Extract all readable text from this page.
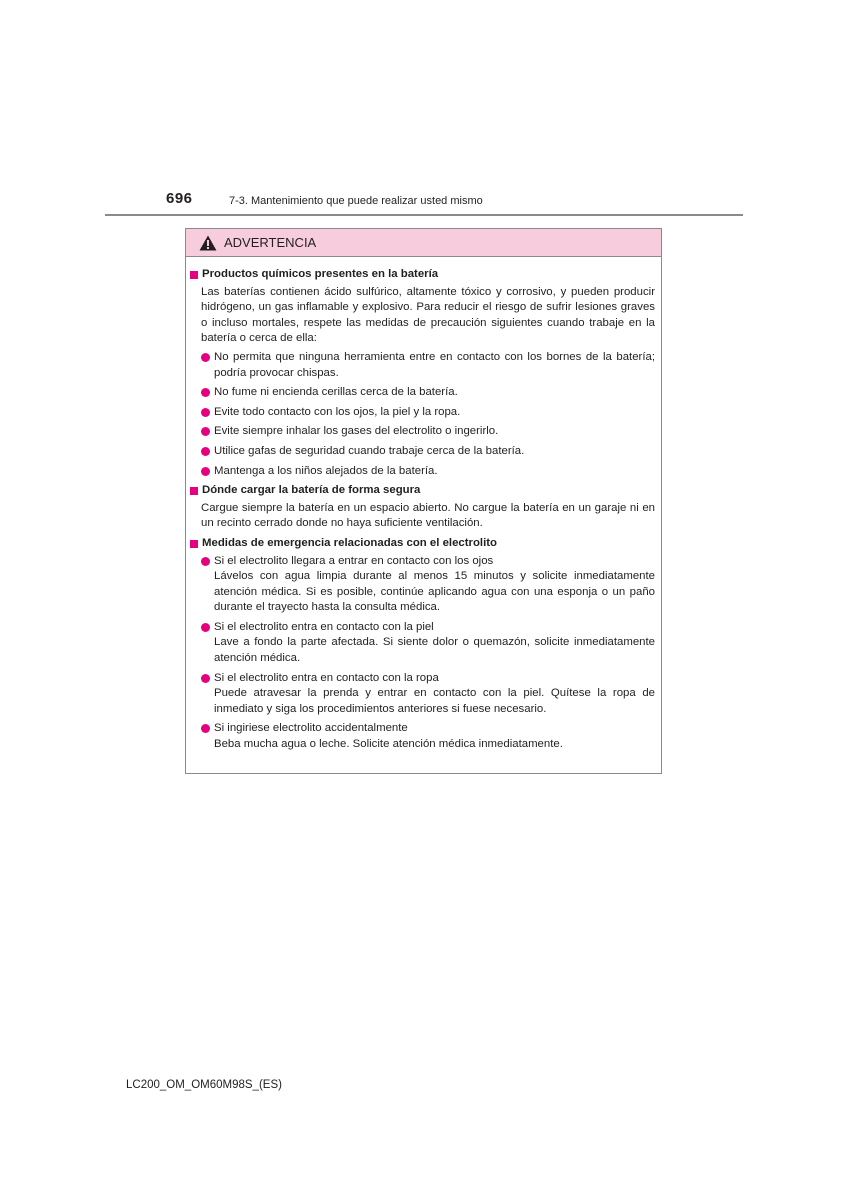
696	7-3. Mantenimiento que puede realizar usted mismo
ADVERTENCIA
Productos químicos presentes en la batería
Las baterías contienen ácido sulfúrico, altamente tóxico y corrosivo, y pueden producir hidrógeno, un gas inflamable y explosivo. Para reducir el riesgo de sufrir lesiones graves o incluso mortales, respete las medidas de precaución siguientes cuando trabaje en la batería o cerca de ella:
No permita que ninguna herramienta entre en contacto con los bornes de la batería; podría provocar chispas.
No fume ni encienda cerillas cerca de la batería.
Evite todo contacto con los ojos, la piel y la ropa.
Evite siempre inhalar los gases del electrolito o ingerirlo.
Utilice gafas de seguridad cuando trabaje cerca de la batería.
Mantenga a los niños alejados de la batería.
Dónde cargar la batería de forma segura
Cargue siempre la batería en un espacio abierto. No cargue la batería en un garaje ni en un recinto cerrado donde no haya suficiente ventilación.
Medidas de emergencia relacionadas con el electrolito
Si el electrolito llegara a entrar en contacto con los ojos
Lávelos con agua limpia durante al menos 15 minutos y solicite inmediatamente atención médica. Si es posible, continúe aplicando agua con una esponja o un paño durante el trayecto hasta la consulta médica.
Si el electrolito entra en contacto con la piel
Lave a fondo la parte afectada. Si siente dolor o quemazón, solicite inmediatamente atención médica.
Si el electrolito entra en contacto con la ropa
Puede atravesar la prenda y entrar en contacto con la piel. Quítese la ropa de inmediato y siga los procedimientos anteriores si fuese necesario.
Si ingiriese electrolito accidentalmente
Beba mucha agua o leche. Solicite atención médica inmediatamente.
LC200_OM_OM60M98S_(ES)
